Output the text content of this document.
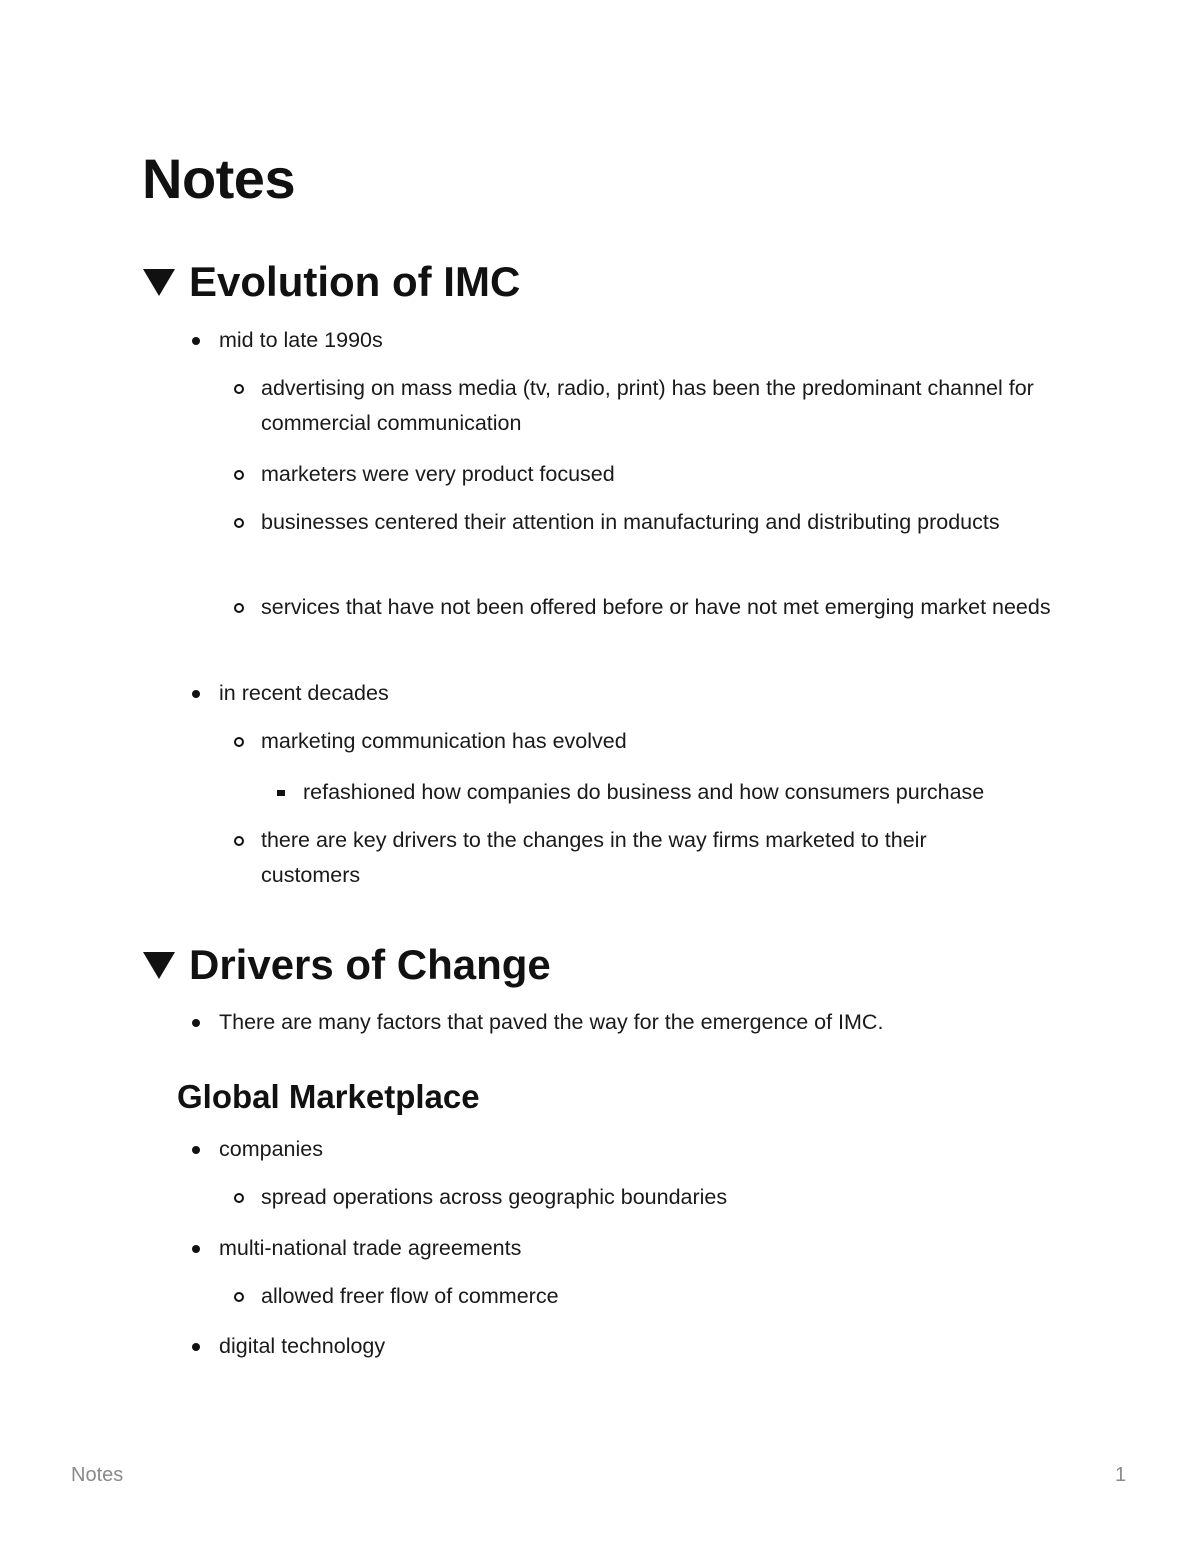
Notes
Evolution of IMC
mid to late 1990s
advertising on mass media (tv, radio, print) has been the predominant channel for commercial communication
marketers were very product focused
businesses centered their attention in manufacturing and distributing products
services that have not been offered before or have not met emerging market needs
in recent decades
marketing communication has evolved
refashioned how companies do business and how consumers purchase
there are key drivers to the changes in the way firms marketed to their customers
Drivers of Change
There are many factors that paved the way for the emergence of IMC.
Global Marketplace
companies
spread operations across geographic boundaries
multi-national trade agreements
allowed freer flow of commerce
digital technology
Notes	1
